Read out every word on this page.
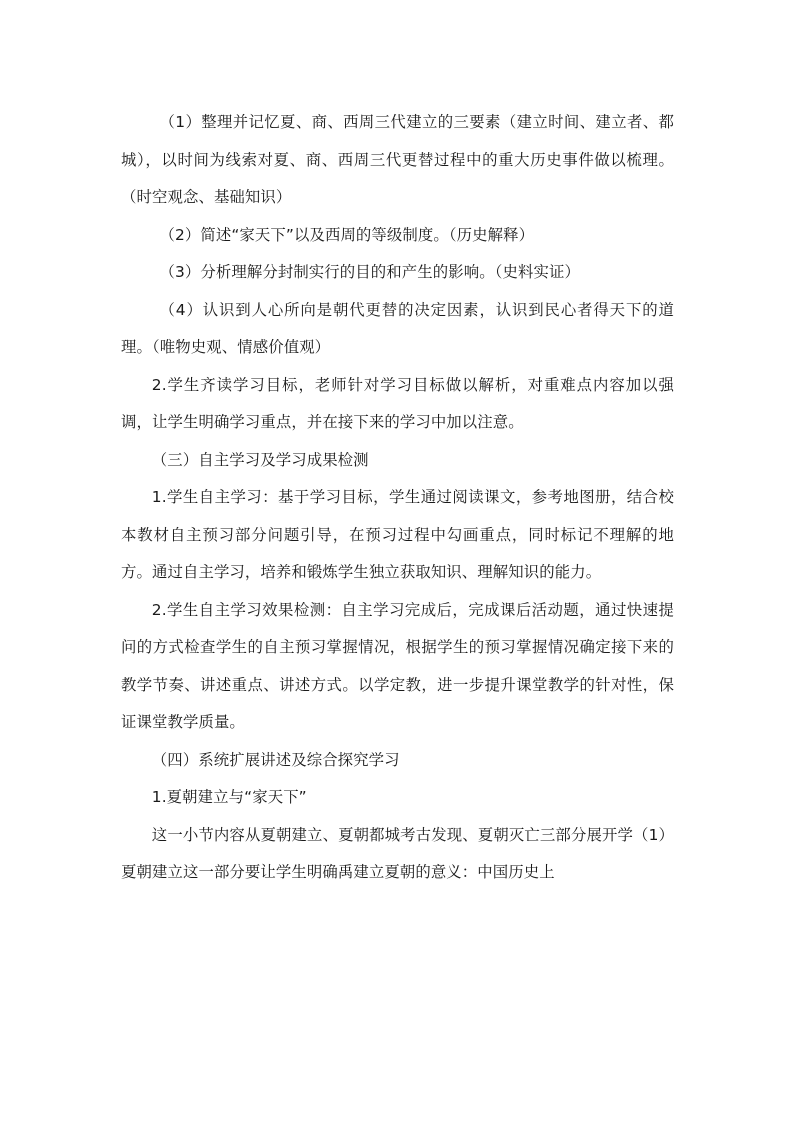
（1）整理并记忆夏、商、西周三代建立的三要素（建立时间、建立者、都城），以时间为线索对夏、商、西周三代更替过程中的重大历史事件做以梳理。（时空观念、基础知识）

（2）简述“家天下”以及西周的等级制度。（历史解释）

（3）分析理解分封制实行的目的和产生的影响。（史料实证）

（4）认识到人心所向是朝代更替的决定因素，认识到民心者得天下的道理。（唯物史观、情感价值观）

2.学生齐读学习目标，老师针对学习目标做以解析，对重难点内容加以强调，让学生明确学习重点，并在接下来的学习中加以注意。

（三）自主学习及学习成果检测

1.学生自主学习：基于学习目标，学生通过阅读课文，参考地图册，结合校本教材自主预习部分问题引导，在预习过程中勾画重点，同时标记不理解的地方。通过自主学习，培养和锻炼学生独立获取知识、理解知识的能力。

2.学生自主学习效果检测：自主学习完成后，完成课后活动题，通过快速提问的方式检查学生的自主预习掌握情况，根据学生的预习掌握情况确定接下来的教学节奏、讲述重点、讲述方式。以学定教，进一步提升课堂教学的针对性，保证课堂教学质量。

（四）系统扩展讲述及综合探究学习

1.夏朝建立与“家天下”

这一小节内容从夏朝建立、夏朝都城考古发现、夏朝灭亡三部分展开学（1）夏朝建立这一部分要让学生明确禹建立夏朝的意义：中国历史上
